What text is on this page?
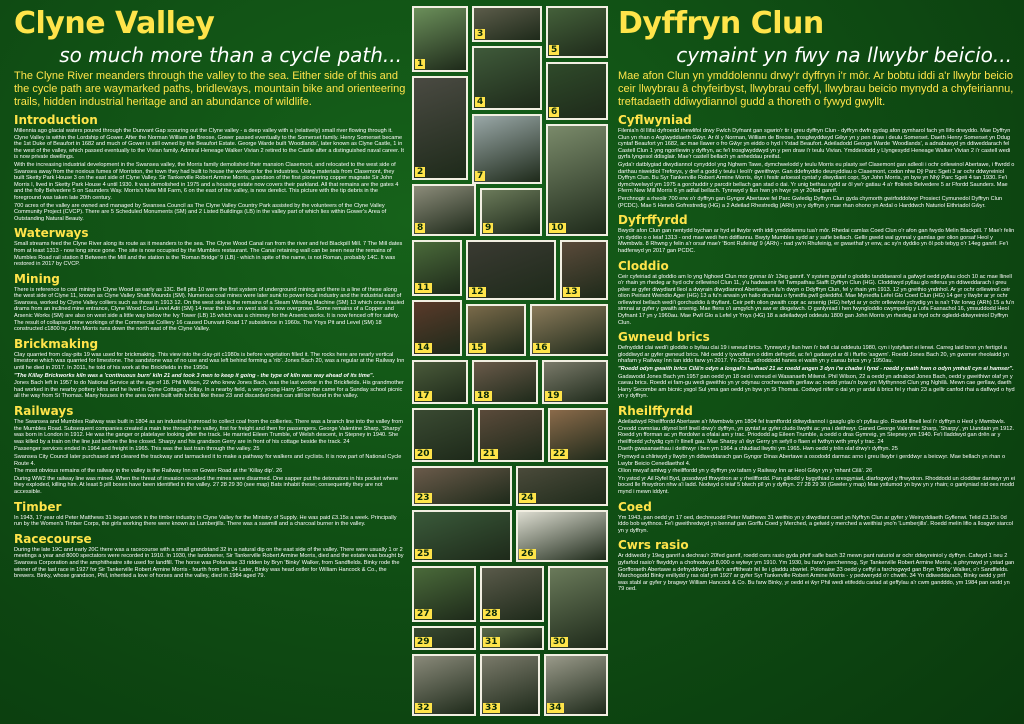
Clyne Valley
so much more than a cycle path...
The Clyne River meanders through the valley to the sea. Either side of this and the cycle path are waymarked paths, bridleways, mountain bike and orienteering trails, hidden industrial heritage and an abundance of wildlife.
Introduction
Millennia ago glacial waters poured through the Dunvant Gap scouring out the Clyne valley - a deep valley with a (relatively) small river flowing through it. Clyne Valley is within the Lordship of Gower. After the Norman William de Breose, Gower passed eventually to the Somerset family. Henry Somerset became the 1st Duke of Beaufort in 1682 and much of Gower is still owned by the Beaufort Estate. George Warde built 'Woodlands', later known as Clyne Castle, 1 in the west of the valley, which passed eventually to the Vivian family. Admiral Heneage Walker Vivian 2 retired to the Castle after a distinguished naval career. It is now private dwellings.
With the increasing industrial development in the Swansea valley, the Morris family demolished their mansion Clasemont, and relocated to the west side of Swansea away from the noxious fumes of Morriston, the town they had built to house the workers for the industries. Using materials from Clasemont, they built Sketty Park House 3 on the east side of Clyne Valley. Sir Tankerville Robert Armine Morris, grandson of the first pioneering copper magnate Sir John Morris I, lived in Sketty Park House 4 until 1930. It was demolished in 1975 and a housing estate now covers their parkland. All that remains are the gates 4 and the folly Belvedere 5 on Saunders Way. Morris's New Mill Farm, 6 on the east of the valley, is now derelict. This picture with the tip debris in the foreground was taken late 20th century.
700 acres of the valley are owned and managed by Swansea Council as The Clyne Valley Country Park assisted by the volunteers of the Clyne Valley Community Project (CVCP). There are 5 Scheduled Monuments (SM) and 2 Listed Buildings (LB) in the valley part of which lies within Gower's Area of Outstanding Natural Beauty.
Waterways
Small streams feed the Clyne River along its route as it meanders to the sea. The Clyne Wood Canal ran from the river and fed Blackpill Mill. 7 The Mill dates from at least 1313 - now long since gone. The site is now occupied by the Mumbles restaurant. The Canal retaining wall can be seen near the remains of Mumbles Road rail station 8 Between the Mill and the station is the 'Roman Bridge' 9 (LB) - which in spite of the name, is not Roman, probably 14C. It was restored in 2017 by CVCP.
Mining
There is reference to coal mining in Clyne Wood as early as 13C. Bell pits 10 were the first system of underground mining and there is a line of these along the west side of Clyne 11, known as Clyne Valley Shaft Mounds (SM). Numerous coal mines were later sunk to power local industry and the industrial east of Swansea, worked by Clyne Valley colliers such as those in 1913 12. On the west side is the remains of a Steam Winding Machine (SM) 13 which once hauled drams from an inclined mine entrance, Clyne Wood Coal Level Adit (SM) 14 near the bike on west side is now overgrown. Some remains of a Copper and Arsenic Works (SM) are also on west side a little way below the Ivy Tower (LB) 15 which was a chimney for the Arsenic works. It is now fenced off for safety. The result of collapsed mine workings of the Commercial Colliery 16 caused Dunvant Road 17 subsidence in 1960s. The Ynys Pit and Level (SM) 18 constructed c1800 by John Morris runs down the north east of the Clyne Valley.
Brickmaking
Clay quarried from clay-pits 19 was used for brickmaking. This view into the clay-pit c1980s is before vegetation filled it. The rocks here are nearly vertical limestone which was quarried for limestone. The sandstone was of no use and was left behind forming a 'rib'. Jones Bach 20, was a regular at the Railway Inn until he died in 2017. In 2011, he told of his work at the Brickfields in the 1950s
"The Killay Brickworks kiln was a 'continuous burn' kiln 21 and took 3 men to keep it going - the type of kiln was way ahead of its time".
Jones Bach left in 1957 to do National Service at the age of 18. Phil Wilson, 22 who knew Jones Bach, was the last worker in the Brickfields. His grandmother had worked in the nearby pottery kilns and he lived in Clyne Cottages, Killay. In a nearby field, a very young Harry Secombe came for a Sunday school picnic all the way from St Thomas. Many houses in the area were built with bricks like these 23 and discarded ones can still be found in the valley.
Railways
The Swansea and Mumbles Railway was built in 1804 as an industrial tramroad to collect coal from the collieries. There was a branch line into the valley from the Mumbles Road. Subsequent companies created a main line through the valley, first for freight and then for passengers. George Valentine Sharp, 'Sharpy' was born in London in 1912. He was the ganger or platelayer looking after the track. He married Eileen Trumble, of Welsh descent, in Stepney in 1940. She was killed by a train on the line just before the line closed. Sharpy and his grandson Gerry are in front of his cottage beside the track. 24
Passenger services ended in 1964 and freight in 1965. This was the last train through the valley. 25
Swansea City Council later purchased and cleared the trackway and tarmacked it to make a pathway for walkers and cyclists. It is now part of National Cycle Route 4.
The most obvious remains of the railway in the valley is the Railway Inn on Gower Road at the 'Killay dip'. 26
During WW2 the railway line was mined. When the threat of invasion receded the mines were disarmed. One sapper put the detonators in his pocket where they exploded, killing him. At least 5 pill boxes have been identified in the valley. 27 28 29 30 (see map) Bats inhabit these; consequently they are not accessible.
Timber
In 1943, 17 year old Peter Matthews 31 began work in the timber industry in Clyne Valley for the Ministry of Supply. He was paid £3.15s a week. Principally run by the Women's Timber Corps, the girls working there were known as Lumberjills. There was a sawmill and a charcoal burner in the valley.
Racecourse
During the late 19C and early 20C there was a racecourse with a small grandstand 32 in a natural dip on the east side of the valley. There were usually 1 or 2 meetings a year and 8000 spectators were recorded in 1910. In 1930, the landowner, Sir Tankerville Robert Armine Morris, died and the estate was bought by Swansea Corporation and the amphitheatre site used for landfill. The horse was Polonaise 33 ridden by Bryn 'Binky' Walker, from Sandfields. Binky rode the winner of the last race in 1927 for Sir Tankerville Robert Armine Morris - fourth from left. 34 Later, Binky was head ostler for William Hancock & Co., the brewers. Binky, whose grandson, Phil, inherited a love of horses and the valley, died in 1984 aged 79.
1
3
2
4
5
6
7
8	9	10
11	12	13
14	15	16
17	18	19
20	21	22
23	24
25	26
27	28
29	30
31
32	33	34
Dyffryn Clun
cymaint yn fwy na llwybr beicio...
Mae afon Clun yn ymddolennu drwy'r dyffryn i'r môr. Ar bobtu iddi a'r llwybr beicio ceir llwybrau â chyfeirbyst, llwybrau ceffyl, llwybrau beicio mynydd a chyfeiriannu, treftadaeth ddiwydiannol gudd a thoreth o fywyd gwyllt.
Cyflwyniad
Filenia'n ôl llifai dyfroedd rhewlifol drwy Fwlch Dyfnant gan sgwrio'r tir i greu dyffryn Clun - dyffryn dwfn gydag afon gymharol fach yn llifo drwyddo. Mae Dyffryn Clun yn rhan o Arglwyddiaeth Gŵyr. Ar ôl y Norman, William de Breose, trosglwyddwyd Gŵyr yn y pen draw i deulu Somerset. Daeth Henry Somerset yn Ddug cyntaf Beaufort yn 1682, ac mae llawer o fro Gŵyr yn eiddo o hyd i Ystad Beaufort. Adeiladodd George Warde 'Woodlands', a adnabuwyd yn ddiweddarach fel Castell Clun 1 yng ngorllewin y dyffryn, ac fe'i trosglwyddwyd yn y pen draw i'r teulu Vivian. Ymddeolodd y Llyngesydd Heneage Walker Vivian 2 i'r castell wedi gyrfa lyngesol ddisglair. Mae'r castell bellach yn anheddau preifat.
Gyda'r datblygiad diwydiannol cynyddol yng Nghwm Tawe, dymchwelodd y teulu Morris eu plasty sef Clasemont gan adleoli i ochr orllewinol Abertawe, i ffwrdd o darthau niweidiol Treforys, y dref a godd y teulu i leoli'r gweithwyr. Gan ddefnyddio deunyddiau o Clasemont, codon nhw Dŷ Parc Sgeti 3 ar ochr ddwyreiniol Dyffryn Clun. Bu Syr Tankerville Robert Armine Morris, ŵyr i fesitr arloesol cyntaf y diwydiant copr, Syr John Morris, yn byw yn Nhŷ Parc Sgeti 4 tan 1930. Fe'i dymchwelwyd ym 1975 a gorchuddir y parcdir bellach gan stad o dai. Yr unig bethau sydd ar ôl yw'r gatiau 4 a'r ffolinеb Belvedere 5 ar Ffordd Saunders. Mae Fferm New Mill Morris 6 yn adfail bellach. Tynnwyd y llun hwn yn hwyr yn yr 20fed ganrif.
Perchnogir a rheolir 700 erw o'r dyffryn gan Gyngor Abertawe fel Parc Gwledig Dyffryn Clun gyda chymorth gwirfoddolwyr Prosiect Cymunedol Dyffryn Clun (PCDC). Mae 5 Heneb Gofrestredig (HG) a 2 Adeilad Rhestredig (ARh) yn y dyffryn y mae rhan ohono yn Ardal o Harddwch Naturiol Eithriadol Gŵyr.
Dyfrffyrdd
Bwydir afon Clun gan nentydd bychan ar hyd ei llwybr wrth iddi ymddolennu tua'r môr. Rhedai camlas Coed Clun o'r afon gan fwydo Melin Blackpill. 7 Mae'r felin yn dyddio o o leiaf 1313 - ond mae wedi hen ddiflannu. Bwyty Mumbles sydd ar y safle bellach. Gellir gweld wal gynnal y gamlas ger olion gorsaf Heol y Mwmbwls. 8 Rhwng y felin a'r orsaf mae'r 'Bont Rufeinig' 9 (ARh) - nad yw'n Rhufeinig, er gwaethaf yr enw, ac sy'n dyddio yn ôl pob tebyg o'r 14eg ganrif. Fe'i hadferwyd yn 2017 gan PCDC.
Cloddio
Ceir cyfeiriad at gloddio am lo yng Nghoed Clun mor gynnar â'r 13eg ganrif. Y system gyntaf o gloddio tanddaearol a gafwyd oedd pyllau cloch 10 ac mae llinell o'r rhain yn rhedeg ar hyd ochr orllewinol Clun 11, y'u hadwaenir fel Twmpathau Siafft Dyffryn Clun (HG). Cloddiwyd pyllau glo niferus yn ddiweddarach i greu pŵer ar gyfer diwydiant lleol a dwyrain diwydiannol Abertawe, a fu'n dwyn o Ddyffryn Clun, fel y rhain ym 1913. 12 yn greithio yndnhol. Ar yr ochr orllewinol ceir olion Peiriant Weindio Ager (HG) 13 a fu'n arwain yn halio dramiau o fynedfa pwll goleddfol. Mae Mynedfa Lefel Glo Coed Clun (HG) 14 ger y llwybr ar yr ochr orllewinol bellach wedi'i gorchuddio â thyfiant. Ceir peth olion gwaith copr ac arsenig (HG) hefyd ar yr ochr orllewinol ychydig yn is na'r Tŵr Iorwg (ARh) 15 a fu'n simnai ar gyfer y gwaith arsenig. Mae ffens o'i amgylch yn awr er diogelwch. O ganlyniad i hen fwyngloddio cwympedig y Lofa Fasnachol 16, ymsuddodd Heol Dyfnant 17 yn y 1960au. Mae Pwll Glo a Lefel yr Ynys (HG) 18 a adeiladwyd oddeutu 1800 gan John Morris yn rhedeg ar hyd ochr ogledd-ddwyreiniol Dyffryn Clun.
Gwneud brics
Defnyddid clai wedi'i gloddio o byllau clai 19 i wneud brics. Tynnwyd y llun hwn i'r bwll clai oddeutu 1980, cyn i lystyfiant ei lenwi. Carreg laid bron yn fertigol a gloddiwyd ar gyfer gwneud brics. Nid oedd y tywodfaen o ddim defnydd, ac fe'i gadawyd ar ôl i ffurfio 'asgwrn'. Roedd Jones Bach 20, yn gwsmer rheolaidd yn nhafarn y Railway Inn tan iddo farw yn 2017. Yn 2011, adroddodd hanes ei waith yn y caeau brics yn y 1950au.
"Roedd odyn gwaith brics Cilâ'n odyn a losgai'n barhaol 21 ac roedd angen 3 dyn i'w chadw i fynd - roedd y math hwn o odyn ymhell cyn ei hamser".
Gadawodd Jones Bach ym 1957 pan oedd yn 18 oed i wneud ei Wasanaeth Milwrol. Phil Wilson, 22 a oedd yn adnabod Jones Bach, oedd y gweithiwr olaf yn y caeau brics. Roedd ei fam-gu wedi gweithio yn yr odynau crochenwaith gerllaw ac roedd yntau'n byw ym Mythynnod Clun yng Nghilâ. Mewn cae gerllaw, daeth Harry Secombe am bicnic ysgol Sul yma gan oedd yn byw yn St Thomas. Codwyd nifer o dai yn yr ardal â brics fel y rhain 23 a gellir canfod rhai a daflwyd o hyd yn y dyffryn.
Rheilffyrdd
Adeiladwyd Rheilffordd Abertawe a'r Mwmbwls ym 1804 fel tramffordd ddiwydiannol i gasglu glo o'r pyllau glo. Roedd llinell leol i'r dyffryn o Heol y Mwmbwls. Creodd cwmnïau dilynol brif linell drwy'r dyffryn, yn gyntaf ar gyfer cludo llwythi ac yna i deithwyr. Ganed George Valentine Sharp, 'Sharpy', yn Llundain yn 1912. Roedd yn fforman ac yn ffordolwr a ofalai am y trac. Priododd ag Eileen Trumble, a oedd o dras Gymreig, yn Stepney ym 1940. Fe'i lladdwyd gan drên ar y rheilffordd ychydig cyn i'r llinell gau. Mae Sharpy a'i ŵyr Gerry yn sefyll o flaen ei fwthyn wrth ymyl y trac. 24
Daeth gwasanaethau i deithwyr i ben ym 1964 a chludiad llwythi ym 1965. Hwn oedd y trên olaf drwy'r dyffryn. 25
Prynwyd a chliriwyd y llwybr yn ddiweddarach gan Gyngor Dinas Abertawe a osododd darmac arno i greu llwybr i gerddwyr a beicwyr. Mae bellach yn rhan o Lwybr Beicio Cenedlaethol 4.
Olion mwyaf amlwg y rheilffordd yn y dyffryn yw tafarn y Railway Inn ar Heol Gŵyr yn y 'mhant Cilâ'. 26
Yn ystod yr Ail Ryfel Byd, gosodwyd ffrwydron ar y rheilffordd. Pan giliodd y bygythiad o oresgyniad, diarfogwyd y ffrwydron. Rhoddodd un cloddiwr daniwyr yn ei boced lle ffrwydron nhw a'i ladd. Nodwyd o leiaf 5 blwch pîl yn y dyffryn. 27 28 29 30 (Gweler y map) Mae ystlumod yn byw yn y rhain; o ganlyniad nid oes modd mynd i mewn iddynt.
Coed
Ym 1943, pan oedd yn 17 oed, dechreuodd Peter Matthews 31 weithio yn y diwydiant coed yn Nyffryn Clun ar gyfer y Weinyddiaeth Gyflenwi. Telid £3.15s 0d iddo bob wythnos. Fe'i gweithredwyd yn bennaf gan Gorffu Coed y Merched, a gelwid y merched a weithiai yno'n 'Lumberjills'. Roedd melin lifio a llosgwr siarcol yn y dyffryn.
Cwrs rasio
Ar ddiwedd y 19eg ganrif a dechrau'r 20fed ganrif, roedd cwrs rasio gyda phrif safle bach 32 mewn pant naturiol ar ochr ddwyreiniol y dyffryn. Cafwyd 1 neu 2 gyfarfod rasio'r flwyddyn a chofnodwyd 8,000 o wylwyr ym 1910. Ym 1930, bu farw'r perchennog, Syr Tankerville Robert Armine Morris, a phrynwyd yr ystad gan Gorfforaeth Abertawe a defnyddiwyd safle'r amffitheatr fel lle i gladdu sbwriel. Polonaise 33 oedd y ceffyl a farchogwyd gan Bryn 'Binky' Walker, o'r Sandfields. Marchogodd Binky enillydd y ras olaf ym 1927 ar gyfer Syr Tankerville Robert Armine Morris - y pedwerydd o'r chwith. 34 Yn ddiweddarach, Binky oedd y prif was stabl ar gyfer y bragwyr William Hancock & Co. Bu farw Binky, yr oedd ei ŵyr Phil wedi etifeddu cariad at geffylau a'r cwm gandddo, ym 1984 pan oedd yn 79 oed.
